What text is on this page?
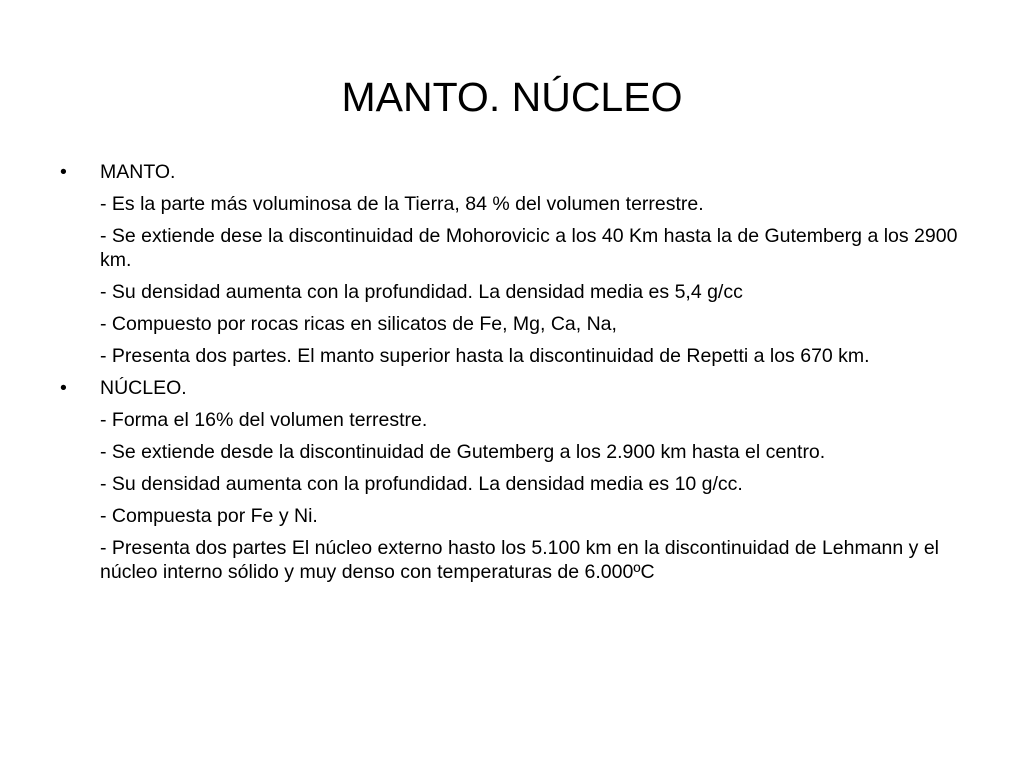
MANTO. NÚCLEO
•	MANTO.
- Es la parte más voluminosa de la Tierra, 84 % del volumen terrestre.
- Se extiende dese la discontinuidad de Mohorovicic a los 40 Km hasta la de Gutemberg a los 2900 km.
- Su densidad aumenta con la profundidad. La densidad media es 5,4 g/cc
- Compuesto por rocas ricas en silicatos de Fe, Mg, Ca, Na,
- Presenta dos partes. El manto superior hasta la discontinuidad de Repetti a los 670 km.
•	NÚCLEO.
- Forma el 16% del volumen terrestre.
- Se extiende desde la discontinuidad de Gutemberg a los 2.900 km hasta el centro.
- Su densidad aumenta con la profundidad. La densidad media es 10 g/cc.
- Compuesta por Fe y Ni.
- Presenta dos partes El núcleo externo hasto los 5.100 km en la discontinuidad de Lehmann y el núcleo interno sólido y muy denso con temperaturas de 6.000ºC
